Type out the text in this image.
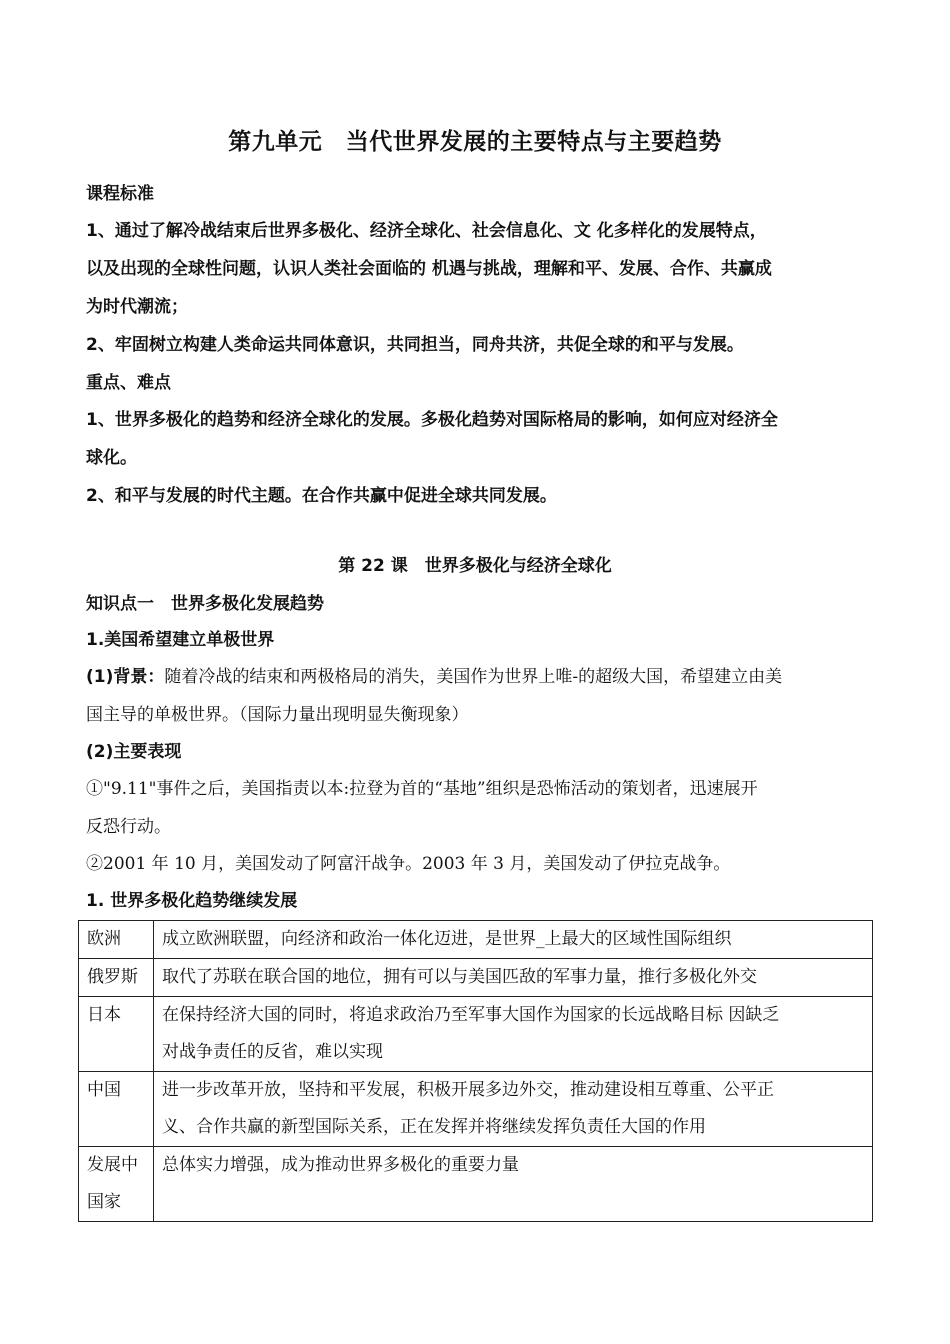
第九单元　当代世界发展的主要特点与主要趋势
课程标准
1、通过了解冷战结束后世界多极化、经济全球化、社会信息化、文 化多样化的发展特点，
以及出现的全球性问题，认识人类社会面临的 机遇与挑战，理解和平、发展、合作、共赢成
为时代潮流；
2、牢固树立构建人类命运共同体意识，共同担当，同舟共济，共促全球的和平与发展。
重点、难点
1、世界多极化的趋势和经济全球化的发展。多极化趋势对国际格局的影响，如何应对经济全
球化。
2、和平与发展的时代主题。在合作共赢中促进全球共同发展。
第 22 课　世界多极化与经济全球化
知识点一　世界多极化发展趋势
1.美国希望建立单极世界
(1)背景：随着冷战的结束和两极格局的消失，美国作为世界上唯-的超级大国，希望建立由美
国主导的单极世界。（国际力量出现明显失衡现象）
(2)主要表现
①"9.11"事件之后，美国指责以本:拉登为首的“基地”组织是恐怖活动的策划者，迅速展开
反恐行动。
②2001 年 10 月，美国发动了阿富汗战争。2003 年 3 月，美国发动了伊拉克战争。
1. 世界多极化趋势继续发展
欧洲	成立欧洲联盟，向经济和政治一体化迈进，是世界_上最大的区域性国际组织
俄罗斯	取代了苏联在联合国的地位，拥有可以与美国匹敌的军事力量，推行多极化外交
日本	在保持经济大国的同时，将追求政治乃至军事大国作为国家的长远战略目标 因缺乏
对战争责任的反省，难以实现

中国	进一步改革开放，坚持和平发展，积极开展多边外交，推动建设相互尊重、公平正
义、合作共赢的新型国际关系，正在发挥并将继续发挥负责任大国的作用

发展中
国家	总体实力增强，成为推动世界多极化的重要力量
